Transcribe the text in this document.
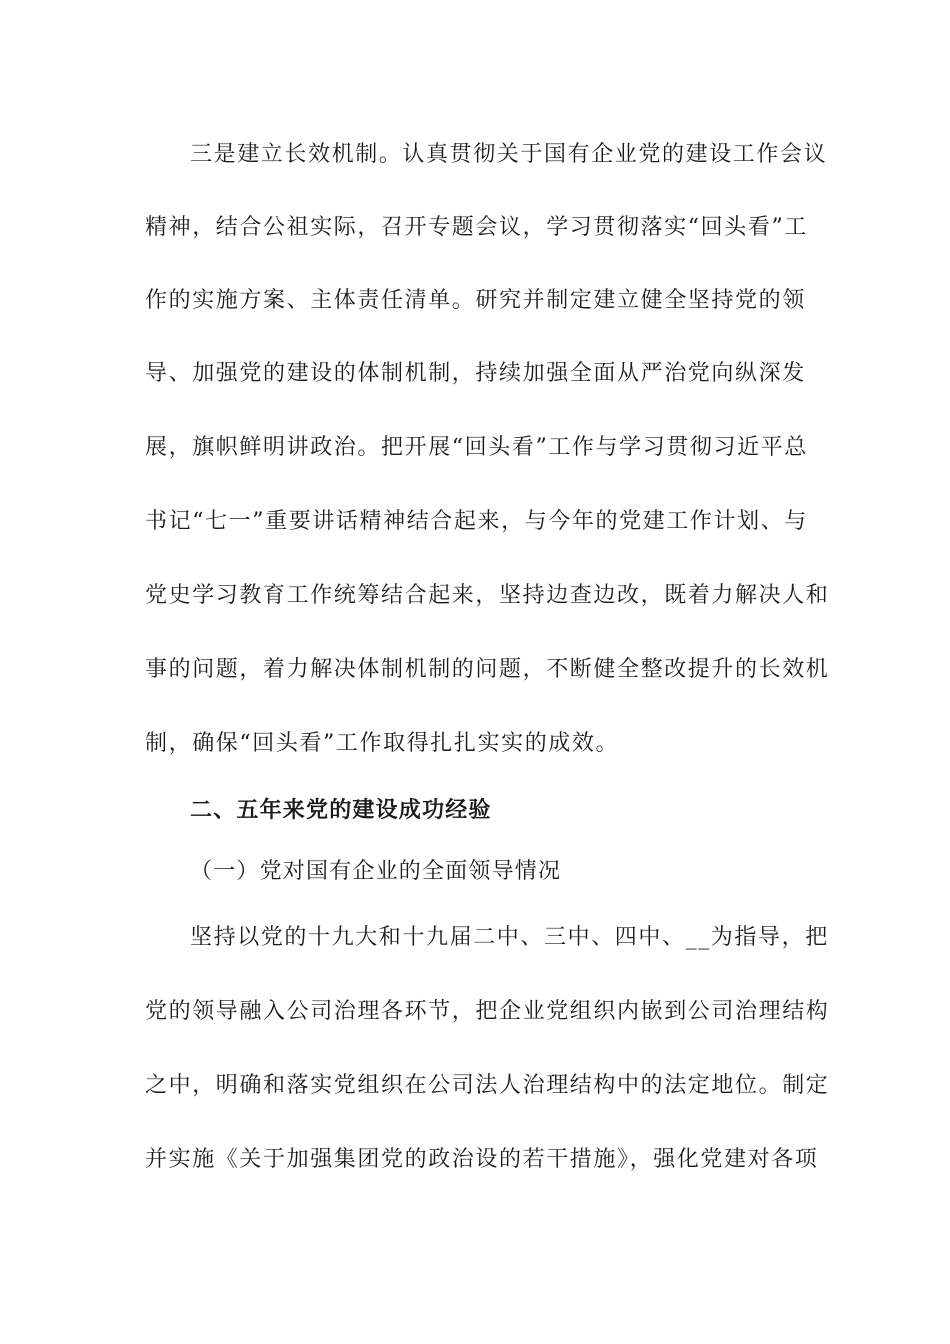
三是建立长效机制。认真贯彻关于国有企业党的建设工作会议
精神，结合公祖实际，召开专题会议，学习贯彻落实“回头看”工
作的实施方案、主体责任清单。研究并制定建立健全坚持党的领
导、加强党的建设的体制机制，持续加强全面从严治党向纵深发
展，旗帜鲜明讲政治。把开展“回头看”工作与学习贯彻习近平总
书记“七一”重要讲话精神结合起来，与今年的党建工作计划、与
党史学习教育工作统筹结合起来，坚持边查边改，既着力解决人和
事的问题，着力解决体制机制的问题，不断健全整改提升的长效机
制，确保“回头看”工作取得扎扎实实的成效。
二、五年来党的建设成功经验
（一）党对国有企业的全面领导情况
坚持以党的十九大和十九届二中、三中、四中、__为指导，把
党的领导融入公司治理各环节，把企业党组织内嵌到公司治理结构
之中，明确和落实党组织在公司法人治理结构中的法定地位。制定
并实施《关于加强集团党的政治设的若干措施》，强化党建对各项
